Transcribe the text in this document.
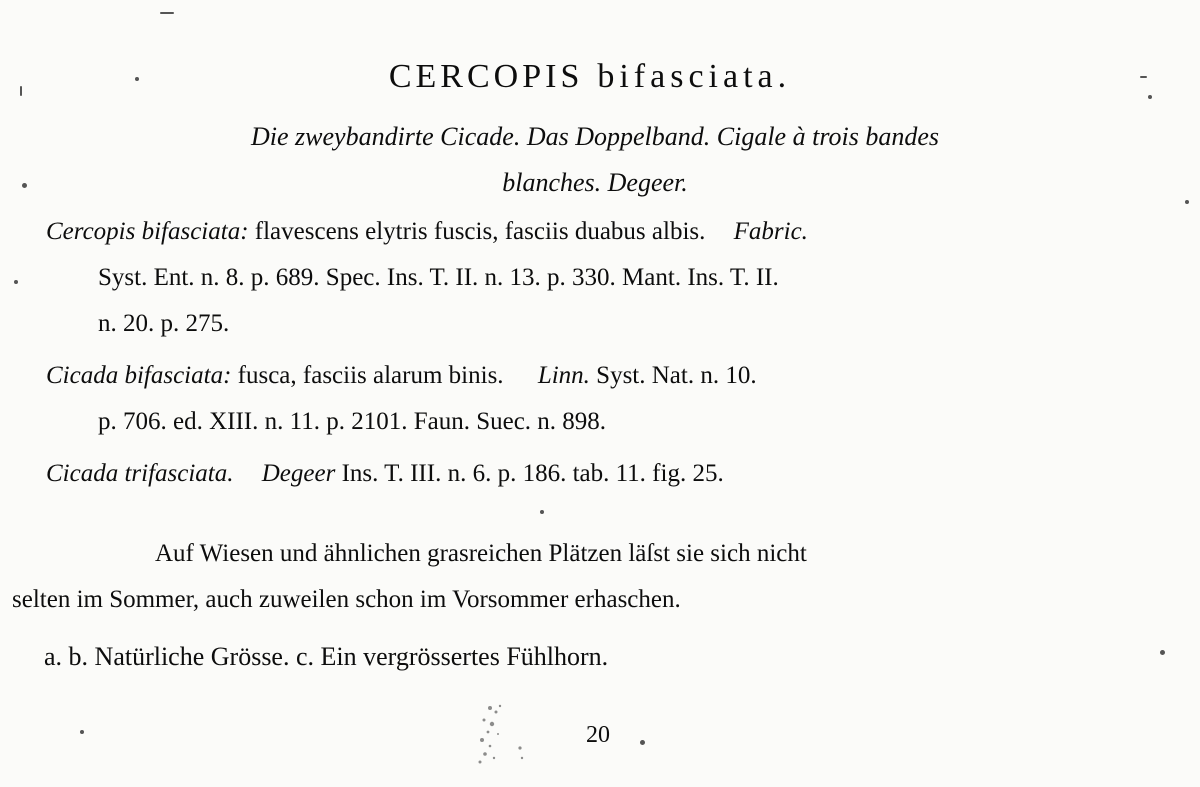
CERCOPIS bifasciata.
Die zweybandirte Cicade. Das Doppelband. Cigale à trois bandes
blanches. Degeer.
Cercopis bifasciata: flavescens elytris fuscis, fasciis duabus albis. Fabric.
Syst. Ent. n. 8. p. 689. Spec. Ins. T. II. n. 13. p. 330. Mant. Ins. T. II.
n. 20. p. 275.
Cicada bifasciata: fusca, fasciis alarum binis. Linn. Syst. Nat. n. 10.
p. 706. ed. XIII. n. 11. p. 2101. Faun. Suec. n. 898.
Cicada trifasciata. Degeer Ins. T. III. n. 6. p. 186. tab. 11. fig. 25.
Auf Wiesen und ähnlichen grasreichen Plätzen läſst sie sich nicht
selten im Sommer, auch zuweilen schon im Vorsommer erhaschen.
a. b. Natürliche Grösse. c. Ein vergrössertes Fühlhorn.
20
